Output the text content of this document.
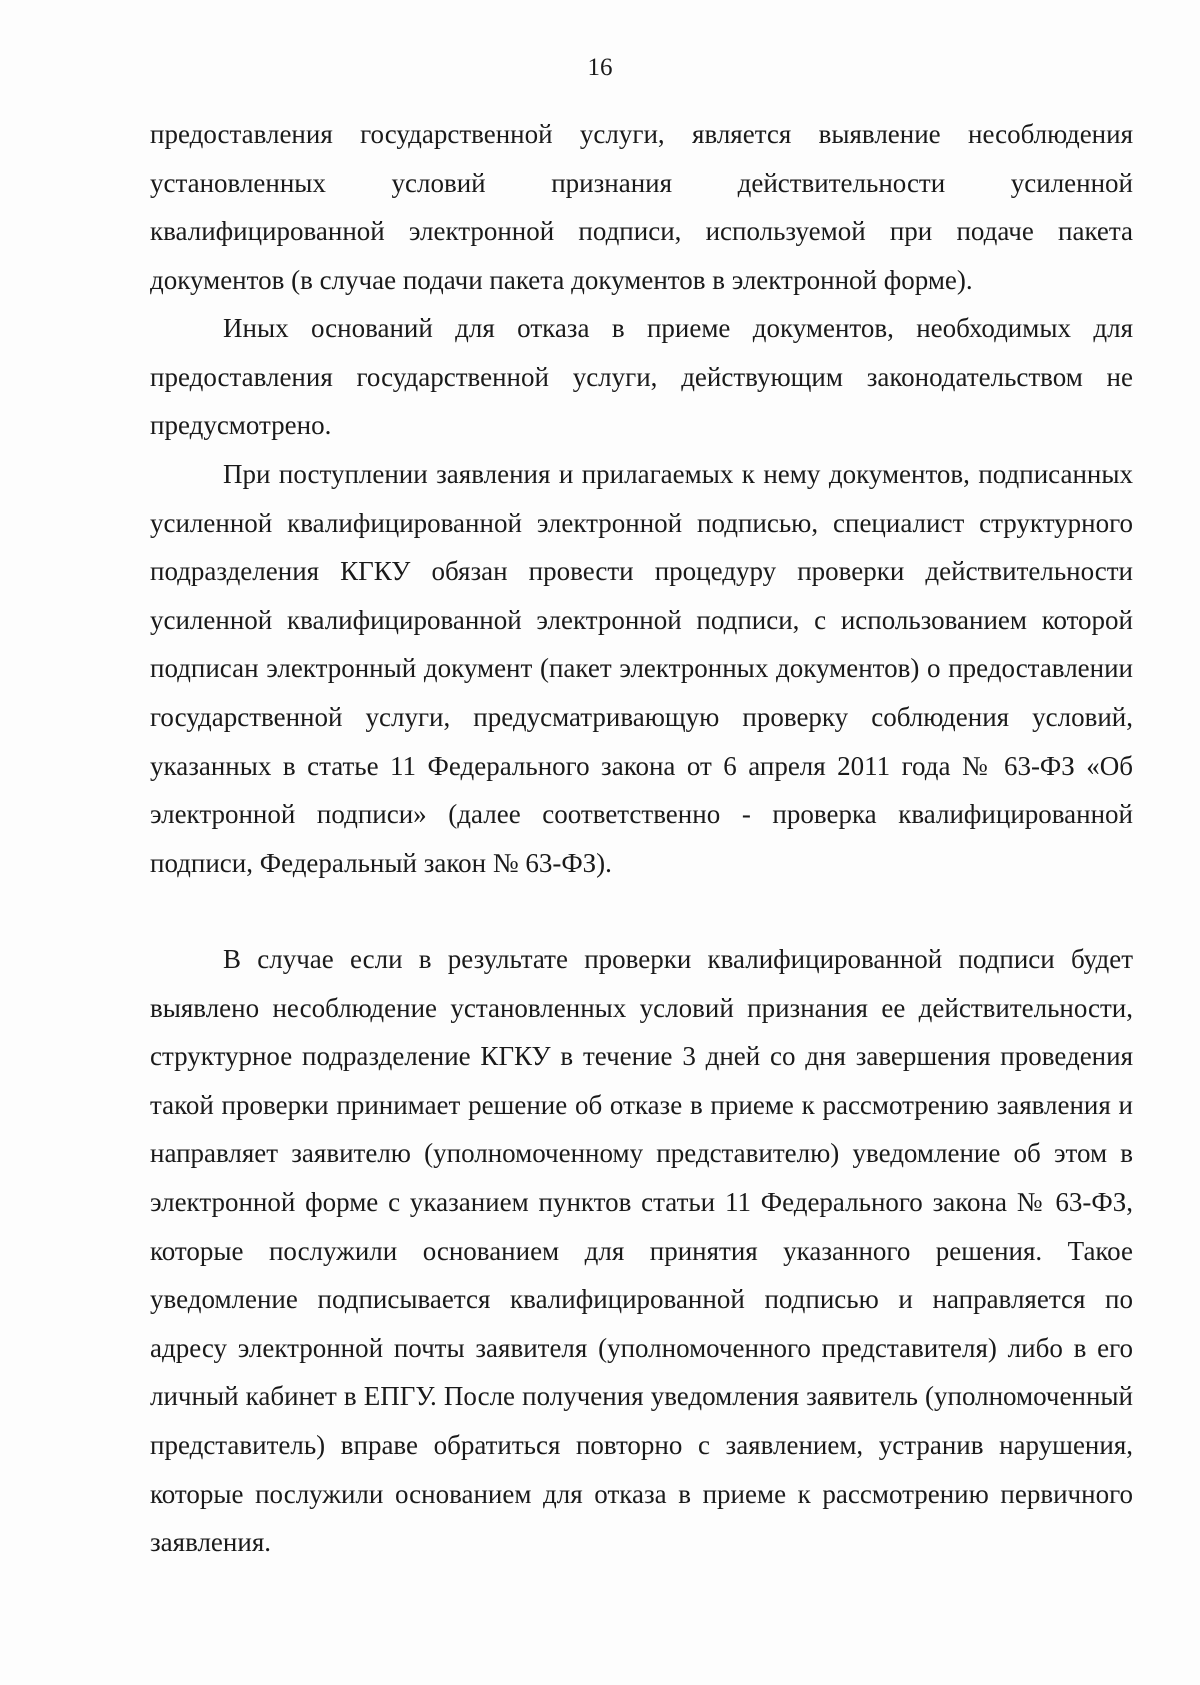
16

предоставления государственной услуги, является выявление несоблюдения установленных условий признания действительности усиленной квалифицированной электронной подписи, используемой при подаче пакета документов (в случае подачи пакета документов в электронной форме).

Иных оснований для отказа в приеме документов, необходимых для предоставления государственной услуги, действующим законодательством не предусмотрено.

При поступлении заявления и прилагаемых к нему документов, подписанных усиленной квалифицированной электронной подписью, специалист структурного подразделения КГКУ обязан провести процедуру проверки действительности усиленной квалифицированной электронной подписи, с использованием которой подписан электронный документ (пакет электронных документов) о предоставлении государственной услуги, предусматривающую проверку соблюдения условий, указанных в статье 11 Федерального закона от 6 апреля 2011 года № 63-ФЗ «Об электронной подписи» (далее соответственно - проверка квалифицированной подписи, Федеральный закон № 63-ФЗ).

В случае если в результате проверки квалифицированной подписи будет выявлено несоблюдение установленных условий признания ее действительности, структурное подразделение КГКУ в течение 3 дней со дня завершения проведения такой проверки принимает решение об отказе в приеме к рассмотрению заявления и направляет заявителю (уполномоченному представителю) уведомление об этом в электронной форме с указанием пунктов статьи 11 Федерального закона № 63-ФЗ, которые послужили основанием для принятия указанного решения. Такое уведомление подписывается квалифицированной подписью и направляется по адресу электронной почты заявителя (уполномоченного представителя) либо в его личный кабинет в ЕПГУ. После получения уведомления заявитель (уполномоченный представитель) вправе обратиться повторно с заявлением, устранив нарушения, которые послужили основанием для отказа в приеме к рассмотрению первичного заявления.
